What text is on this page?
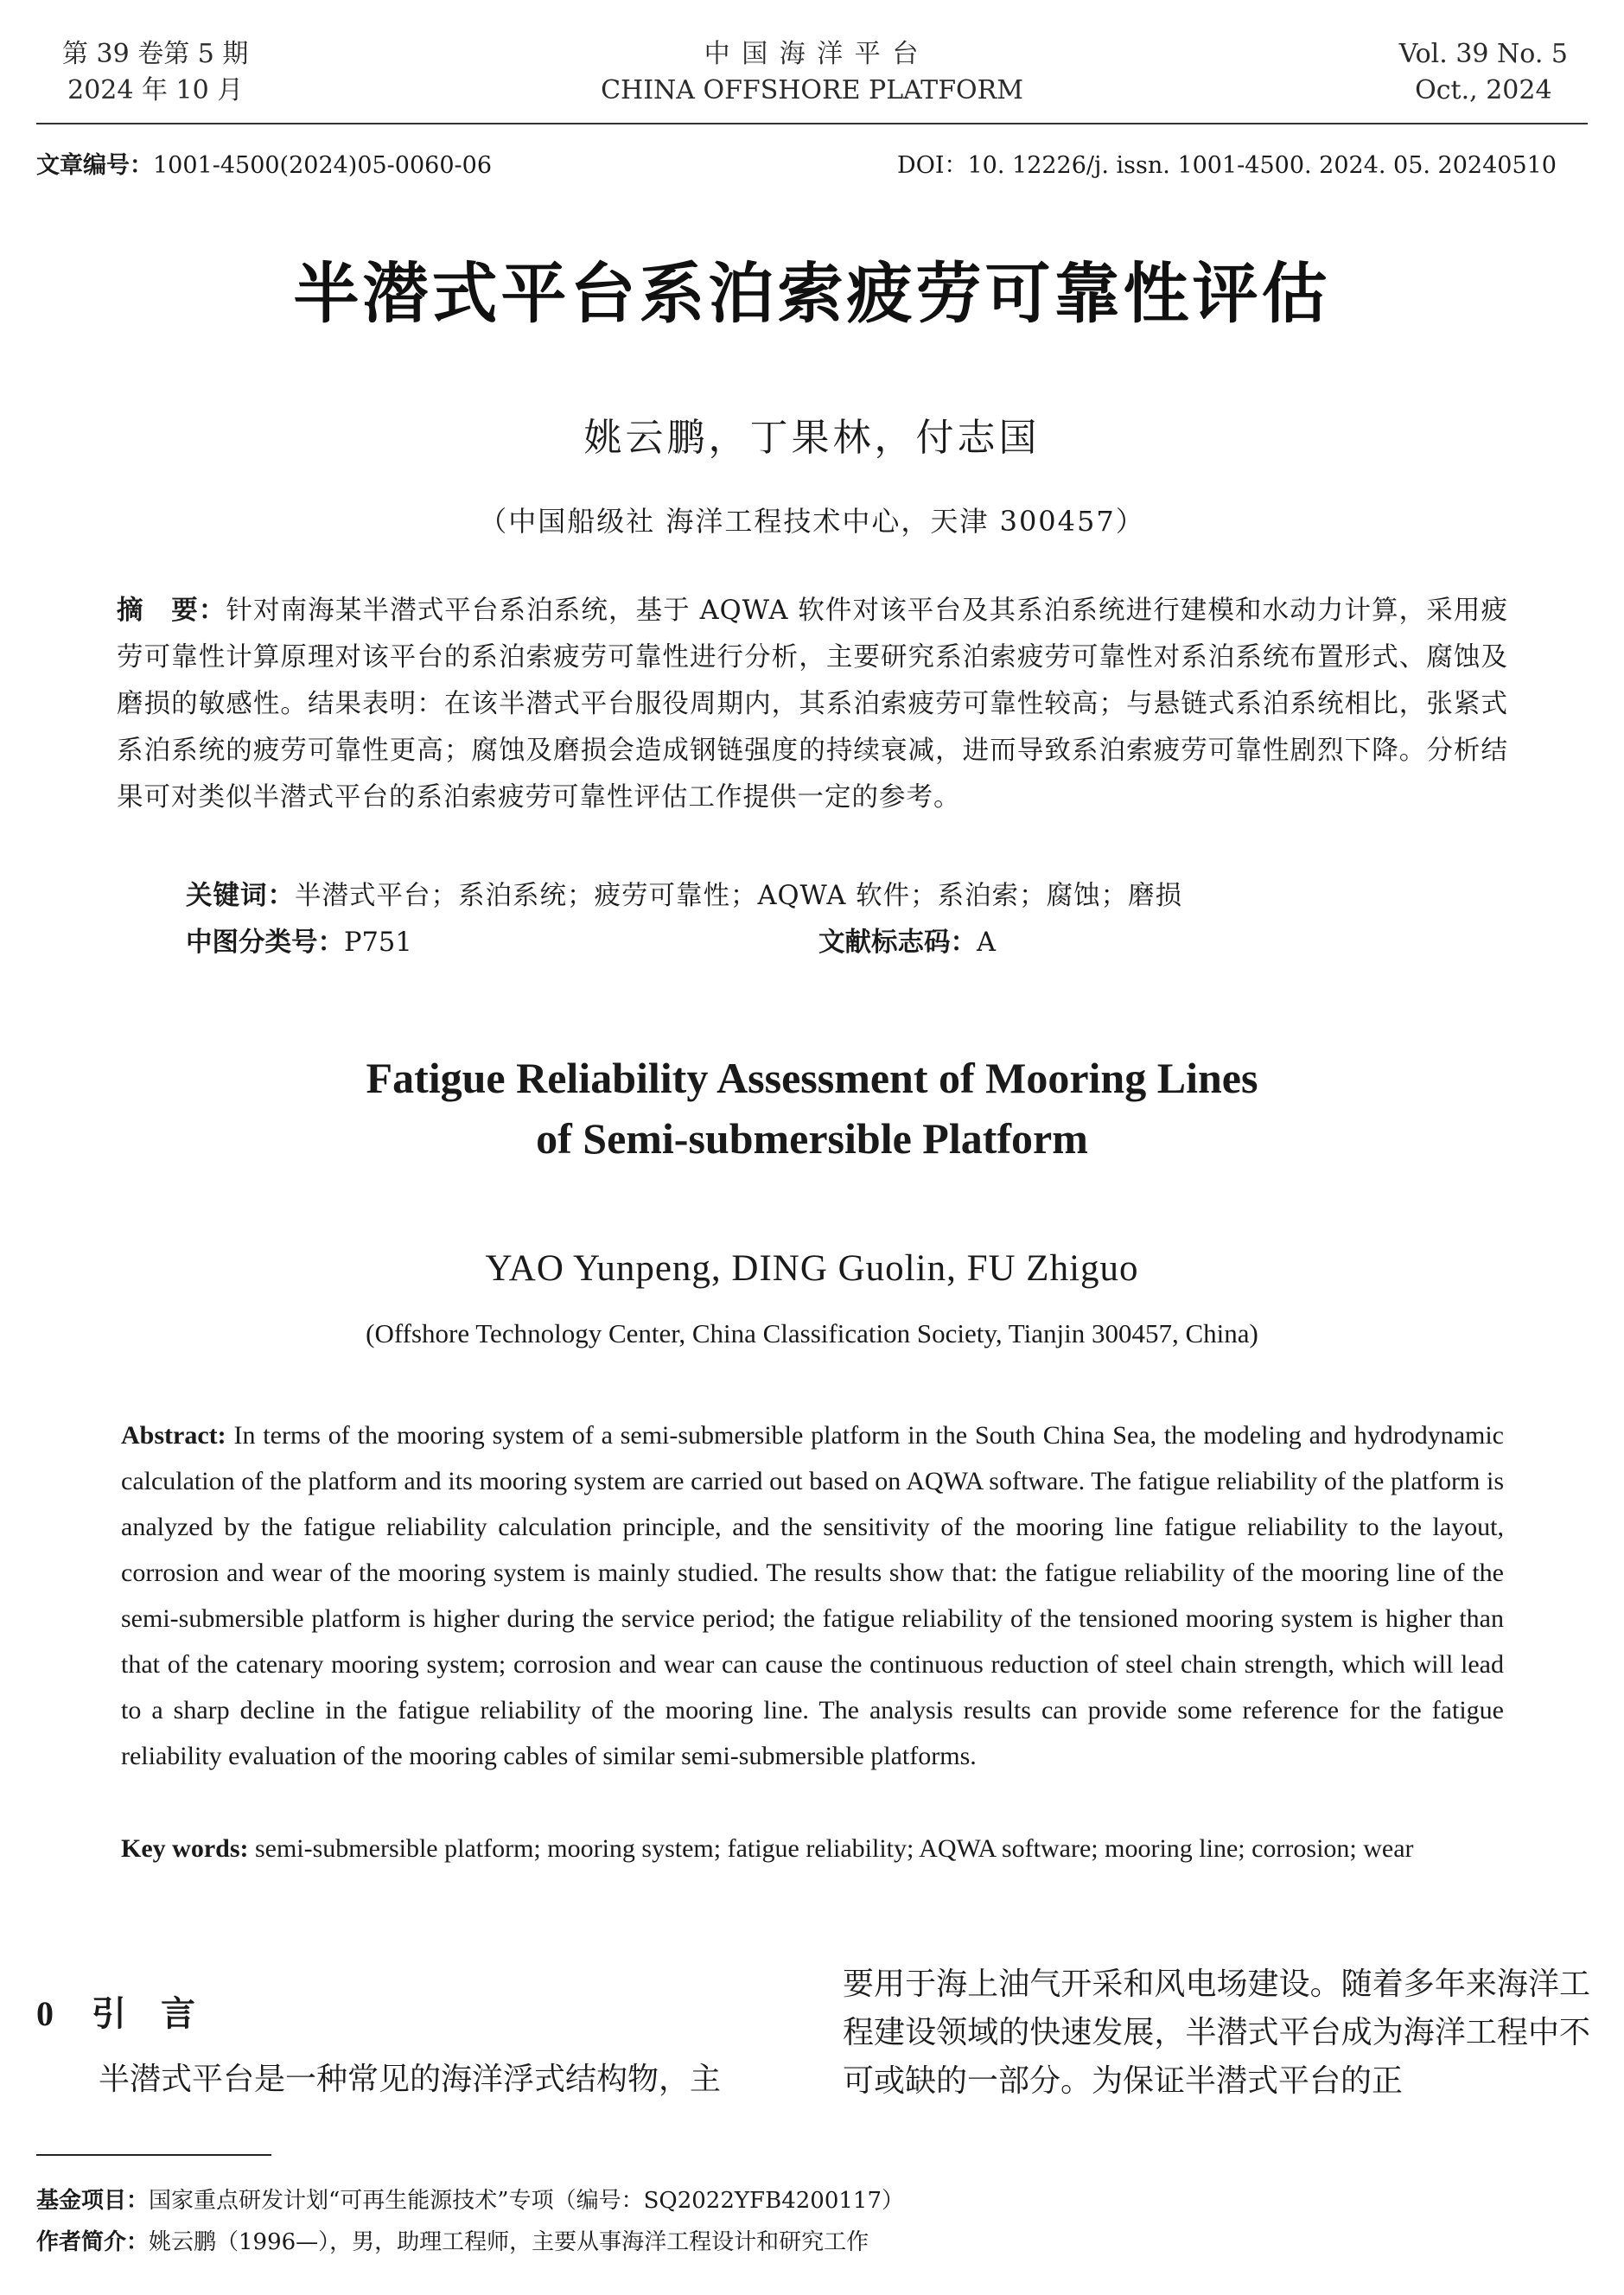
第 39 卷第 5 期
2024 年 10 月
中 国 海 洋 平 台
CHINA OFFSHORE PLATFORM
Vol. 39 No. 5
Oct., 2024
文章编号：1001-4500(2024)05-0060-06	DOI：10. 12226/j. issn. 1001-4500. 2024. 05. 20240510
半潜式平台系泊索疲劳可靠性评估
姚云鹏，丁果林，付志国
（中国船级社 海洋工程技术中心，天津 300457）
摘　要：针对南海某半潜式平台系泊系统，基于 AQWA 软件对该平台及其系泊系统进行建模和水动力计算，采用疲劳可靠性计算原理对该平台的系泊索疲劳可靠性进行分析，主要研究系泊索疲劳可靠性对系泊系统布置形式、腐蚀及磨损的敏感性。结果表明：在该半潜式平台服役周期内，其系泊索疲劳可靠性较高；与悬链式系泊系统相比，张紧式系泊系统的疲劳可靠性更高；腐蚀及磨损会造成钢链强度的持续衰减，进而导致系泊索疲劳可靠性剧烈下降。分析结果可对类似半潜式平台的系泊索疲劳可靠性评估工作提供一定的参考。
关键词：半潜式平台；系泊系统；疲劳可靠性；AQWA 软件；系泊索；腐蚀；磨损
中图分类号：P751	文献标志码：A
Fatigue Reliability Assessment of Mooring Lines
of Semi-submersible Platform
YAO Yunpeng, DING Guolin, FU Zhiguo
(Offshore Technology Center, China Classification Society, Tianjin 300457, China)
Abstract: In terms of the mooring system of a semi-submersible platform in the South China Sea, the modeling and hydrodynamic calculation of the platform and its mooring system are carried out based on AQWA software. The fatigue reliability of the platform is analyzed by the fatigue reliability calculation principle, and the sensitivity of the mooring line fatigue reliability to the layout, corrosion and wear of the mooring system is mainly studied. The results show that: the fatigue reliability of the mooring line of the semi-submersible platform is higher during the service period; the fatigue reliability of the tensioned mooring system is higher than that of the catenary mooring system; corrosion and wear can cause the continuous reduction of steel chain strength, which will lead to a sharp decline in the fatigue reliability of the mooring line. The analysis results can provide some reference for the fatigue reliability evaluation of the mooring cables of similar semi-submersible platforms.
Key words: semi-submersible platform; mooring system; fatigue reliability; AQWA software; mooring line; corrosion; wear
0 引言
半潜式平台是一种常见的海洋浮式结构物，主
要用于海上油气开采和风电场建设。随着多年来海洋工程建设领域的快速发展，半潜式平台成为海洋工程中不可或缺的一部分。为保证半潜式平台的正
基金项目：国家重点研发计划“可再生能源技术”专项（编号：SQ2022YFB4200117）
作者简介：姚云鹏（1996—），男，助理工程师，主要从事海洋工程设计和研究工作
